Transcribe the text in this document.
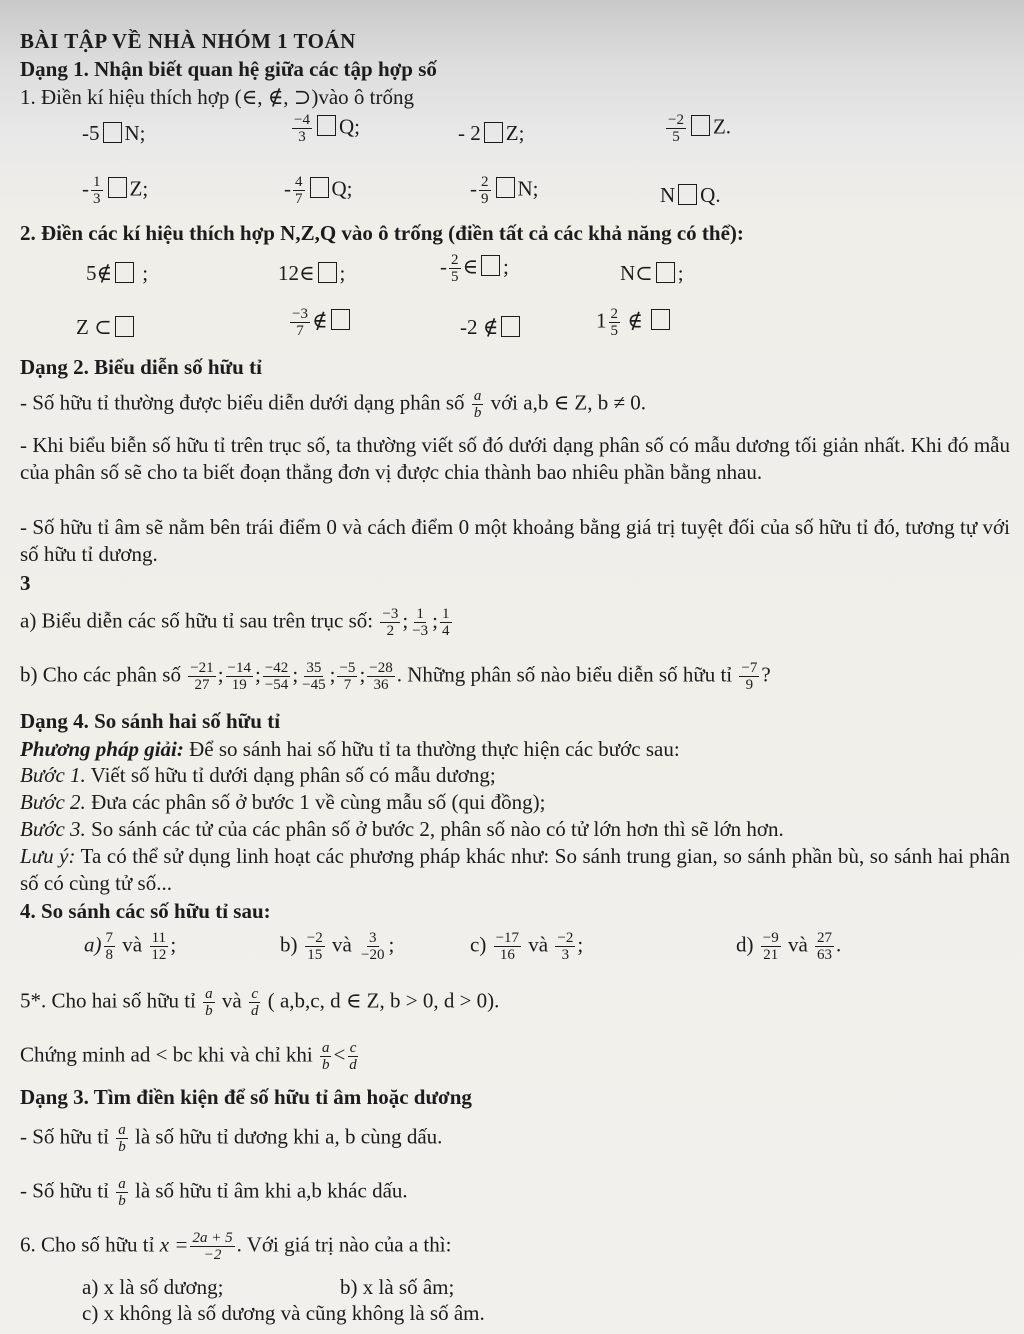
BÀI TẬP VỀ NHÀ NHÓM 1 TOÁN
Dạng 1. Nhận biết quan hệ giữa các tập hợp số
1. Điền kí hiệu thích hợp (∈, ∉, ⊃)vào ô trống
-5 N;	$\frac{-4}{3} Q$;	- 2 Z;	$\frac{-2}{5} Z$.
- $\frac{1}{3} Z$;	- $\frac{4}{7} Q$;	- $\frac{2}{9} N$;	N Q.
2. Điền các kí hiệu thích hợp N,Z,Q vào ô trống (điền tất cả các khả năng có thể):
5∉ ;	12∈ ;	- $\frac{2}{5}$ ∈ ;	N⊂ ;
Z ⊂	$\frac{-3}{7}$ ∉	-2 ∉	$1 \frac{2}{5}$ ∉
Dạng 2. Biểu diễn số hữu tỉ
- Số hữu tỉ thường được biểu diễn dưới dạng phân số $\frac{a}{b}$ với a,b ∈ Z, b ≠ 0.
- Khi biểu biễn số hữu tỉ trên trục số, ta thường viết số đó dưới dạng phân số có mẫu dương tối giản nhất. Khi đó mẫu của phân số sẽ cho ta biết đoạn thẳng đơn vị được chia thành bao nhiêu phần bằng nhau.
- Số hữu tỉ âm sẽ nằm bên trái điểm 0 và cách điểm 0 một khoảng bằng giá trị tuyệt đối của số hữu tỉ đó, tương tự với số hữu tỉ dương.
3
a) Biểu diễn các số hữu tỉ sau trên trục số: $\frac{-3}{2}$ ; $\frac{1}{-3}$ ; $\frac{1}{4}$
b) Cho các phân số $\frac{-21}{27}$ ; $\frac{-14}{19}$ ; $\frac{-42}{-54}$ ; $\frac{35}{-45}$ ; $\frac{-5}{7}$ ; $\frac{-28}{36}$ . Những phân số nào biểu diễn số hữu tỉ $\frac{-7}{9}$ ?
Dạng 4. So sánh hai số hữu tỉ
Phương pháp giải: Để so sánh hai số hữu tỉ ta thường thực hiện các bước sau:
Bước 1. Viết số hữu tỉ dưới dạng phân số có mẫu dương;
Bước 2. Đưa các phân số ở bước 1 về cùng mẫu số (qui đồng);
Bước 3. So sánh các tử của các phân số ở bước 2, phân số nào có tử lớn hơn thì sẽ lớn hơn.
Lưu ý: Ta có thể sử dụng linh hoạt các phương pháp khác như: So sánh trung gian, so sánh phần bù, so sánh hai phân số có cùng tử số...
4. So sánh các số hữu tỉ sau:
$a) \frac{7}{8}$ và $\frac{11}{12}$ ;	$b) \frac{-2}{15}$ và $\frac{3}{-20}$ ;	$c) \frac{-17}{16}$ và $\frac{-2}{3}$ ;	$d) \frac{-9}{21}$ và $\frac{27}{63}$ .
5*. Cho hai số hữu tỉ $\frac{a}{b}$ và $\frac{c}{d}$ ( a,b,c, d ∈ Z, b > 0, d > 0).
Chứng minh ad < bc khi và chỉ khi $\frac{a}{b} < \frac{c}{d}$
Dạng 3. Tìm điền kiện để số hữu tỉ âm hoặc dương
- Số hữu tỉ $\frac{a}{b}$ là số hữu tỉ dương khi a, b cùng dấu.
- Số hữu tỉ $\frac{a}{b}$ là số hữu tỉ âm khi a,b khác dấu.
6. Cho số hữu tỉ $x = \frac{2a + 5}{-2}$ . Với giá trị nào của a thì:
a) x là số dương;	b) x là số âm;
c) x không là số dương và cũng không là số âm.
